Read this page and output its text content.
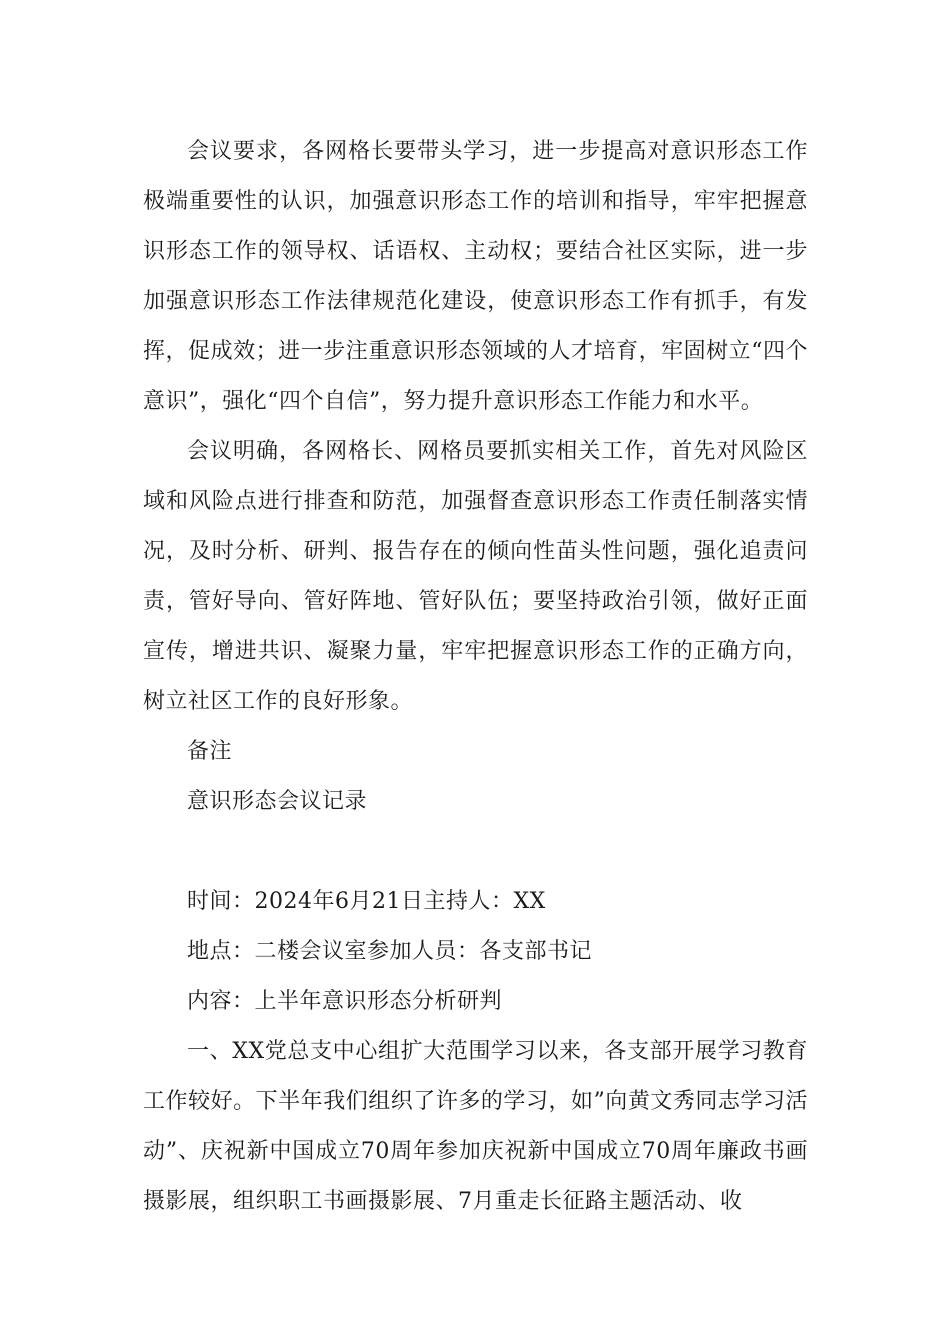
会议要求，各网格长要带头学习，进一步提高对意识形态工作极端重要性的认识，加强意识形态工作的培训和指导，牢牢把握意识形态工作的领导权、话语权、主动权；要结合社区实际，进一步加强意识形态工作法律规范化建设，使意识形态工作有抓手，有发挥，促成效；进一步注重意识形态领域的人才培育，牢固树立“四个意识”，强化“四个自信”，努力提升意识形态工作能力和水平。

会议明确，各网格长、网格员要抓实相关工作，首先对风险区域和风险点进行排查和防范，加强督查意识形态工作责任制落实情况，及时分析、研判、报告存在的倾向性苗头性问题，强化追责问责，管好导向、管好阵地、管好队伍；要坚持政治引领，做好正面宣传，增进共识、凝聚力量，牢牢把握意识形态工作的正确方向，树立社区工作的良好形象。

备注

意识形态会议记录

时间：2024年6月21日主持人：XX

地点：二楼会议室参加人员：各支部书记

内容：上半年意识形态分析研判

一、XX党总支中心组扩大范围学习以来，各支部开展学习教育工作较好。下半年我们组织了许多的学习，如”向黄文秀同志学习活动”、庆祝新中国成立70周年参加庆祝新中国成立70周年廉政书画摄影展，组织职工书画摄影展、7月重走长征路主题活动、收
